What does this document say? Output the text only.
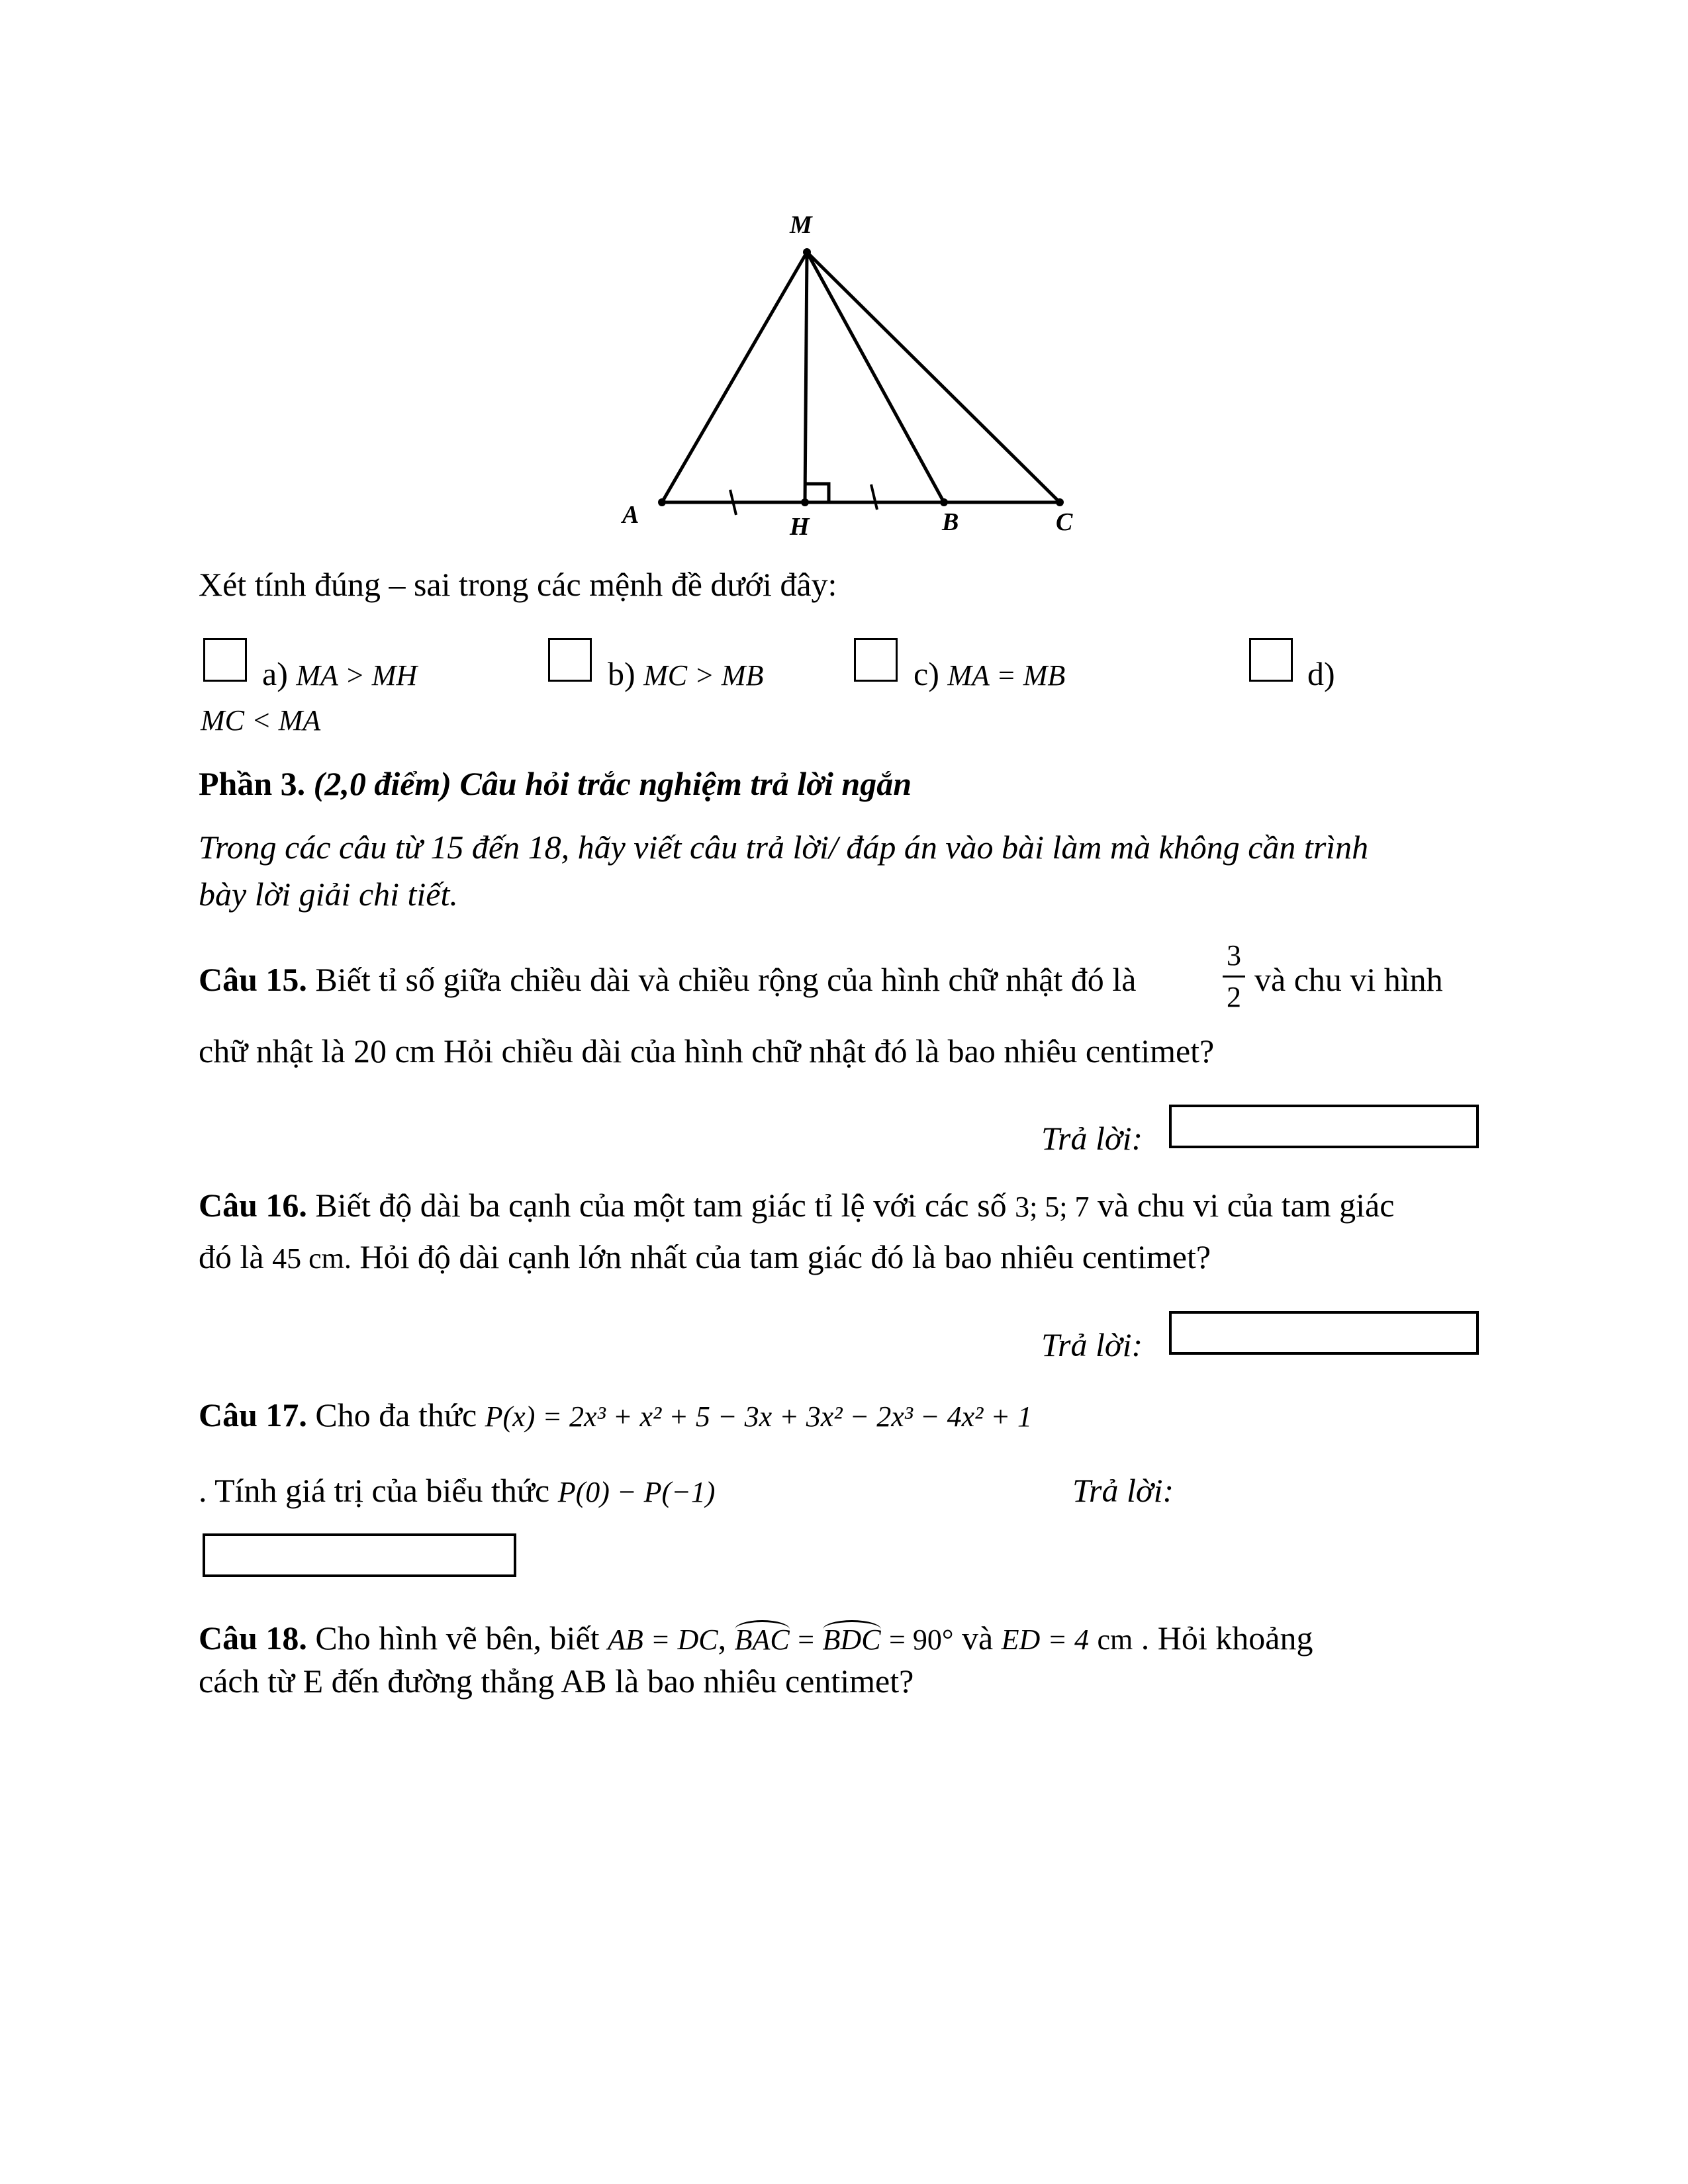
M
A	H	B	C
Xét tính đúng – sai trong các mệnh đề dưới đây:
a) MA > MH	b) MC > MB	c) MA = MB	d)
MC < MA
Phần 3. (2,0 điểm) Câu hỏi trắc nghiệm trả lời ngắn
Trong các câu từ 15 đến 18, hãy viết câu trả lời/ đáp án vào bài làm mà không cần trình
bày lời giải chi tiết.
Câu 15. Biết tỉ số giữa chiều dài và chiều rộng của hình chữ nhật đó là
3
2 và chu vi hình
chữ nhật là 20 cm Hỏi chiều dài của hình chữ nhật đó là bao nhiêu centimet?
Trả lời:
Câu 16. Biết độ dài ba cạnh của một tam giác tỉ lệ với các số 3; 5; 7 và chu vi của tam giác
đó là 45 cm. Hỏi độ dài cạnh lớn nhất của tam giác đó là bao nhiêu centimet?
Trả lời:
Câu 17. Cho đa thức P(x) = 2x³ + x² + 5 − 3x + 3x² − 2x³ − 4x² + 1
. Tính giá trị của biểu thức P(0) − P(−1)	Trả lời:
Câu 18. Cho hình vẽ bên, biết AB = DC, BAC = BDC = 90° và ED = 4 cm . Hỏi khoảng
cách từ E đến đường thẳng AB là bao nhiêu centimet?
